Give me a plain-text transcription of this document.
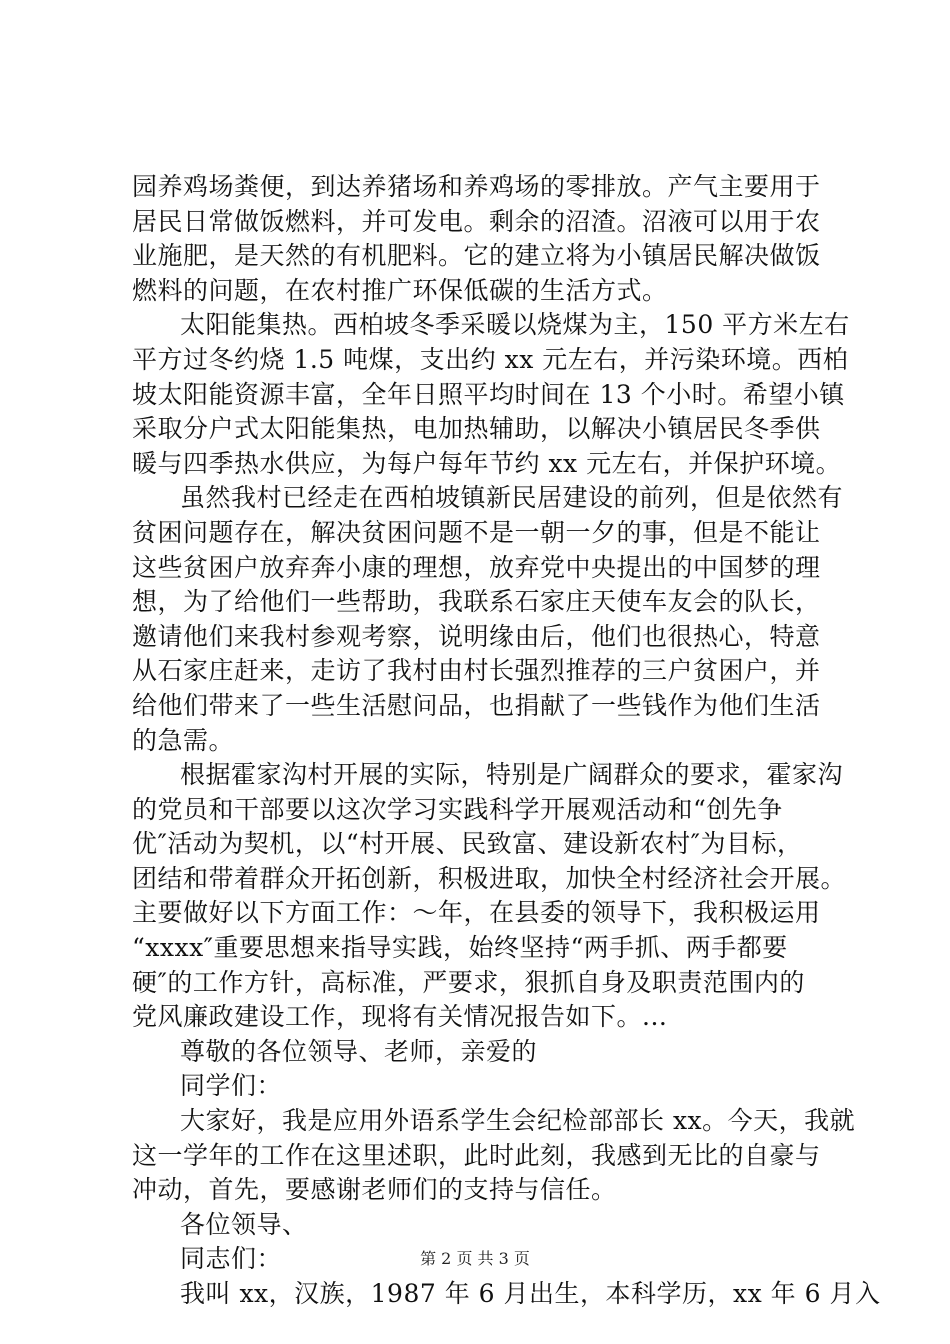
园养鸡场粪便，到达养猪场和养鸡场的零排放。产气主要用于
居民日常做饭燃料，并可发电。剩余的沼渣。沼液可以用于农
业施肥，是天然的有机肥料。它的建立将为小镇居民解决做饭
燃料的问题，在农村推广环保低碳的生活方式。
太阳能集热。西柏坡冬季采暖以烧煤为主，150 平方米左右
平方过冬约烧 1.5 吨煤，支出约 xx 元左右，并污染环境。西柏
坡太阳能资源丰富，全年日照平均时间在 13 个小时。希望小镇
采取分户式太阳能集热，电加热辅助，以解决小镇居民冬季供
暖与四季热水供应，为每户每年节约 xx 元左右，并保护环境。
虽然我村已经走在西柏坡镇新民居建设的前列，但是依然有
贫困问题存在，解决贫困问题不是一朝一夕的事，但是不能让
这些贫困户放弃奔小康的理想，放弃党中央提出的中国梦的理
想，为了给他们一些帮助，我联系石家庄天使车友会的队长，
邀请他们来我村参观考察，说明缘由后，他们也很热心，特意
从石家庄赶来，走访了我村由村长强烈推荐的三户贫困户，并
给他们带来了一些生活慰问品，也捐献了一些钱作为他们生活
的急需。
根据霍家沟村开展的实际，特别是广阔群众的要求，霍家沟
的党员和干部要以这次学习实践科学开展观活动和“创先争
优″活动为契机，以“村开展、民致富、建设新农村″为目标，
团结和带着群众开拓创新，积极进取，加快全村经济社会开展。
主要做好以下方面工作：～年，在县委的领导下，我积极运用
“xxxx″重要思想来指导实践，始终坚持“两手抓、两手都要
硬″的工作方针，高标准，严要求，狠抓自身及职责范围内的
党风廉政建设工作，现将有关情况报告如下。...
尊敬的各位领导、老师，亲爱的
同学们：
大家好，我是应用外语系学生会纪检部部长 xx。今天，我就
这一学年的工作在这里述职，此时此刻，我感到无比的自豪与
冲动，首先，要感谢老师们的支持与信任。
各位领导、
同志们：
我叫 xx，汉族，1987 年 6 月出生，本科学历，xx 年 6 月入
第 2 页 共 3 页
